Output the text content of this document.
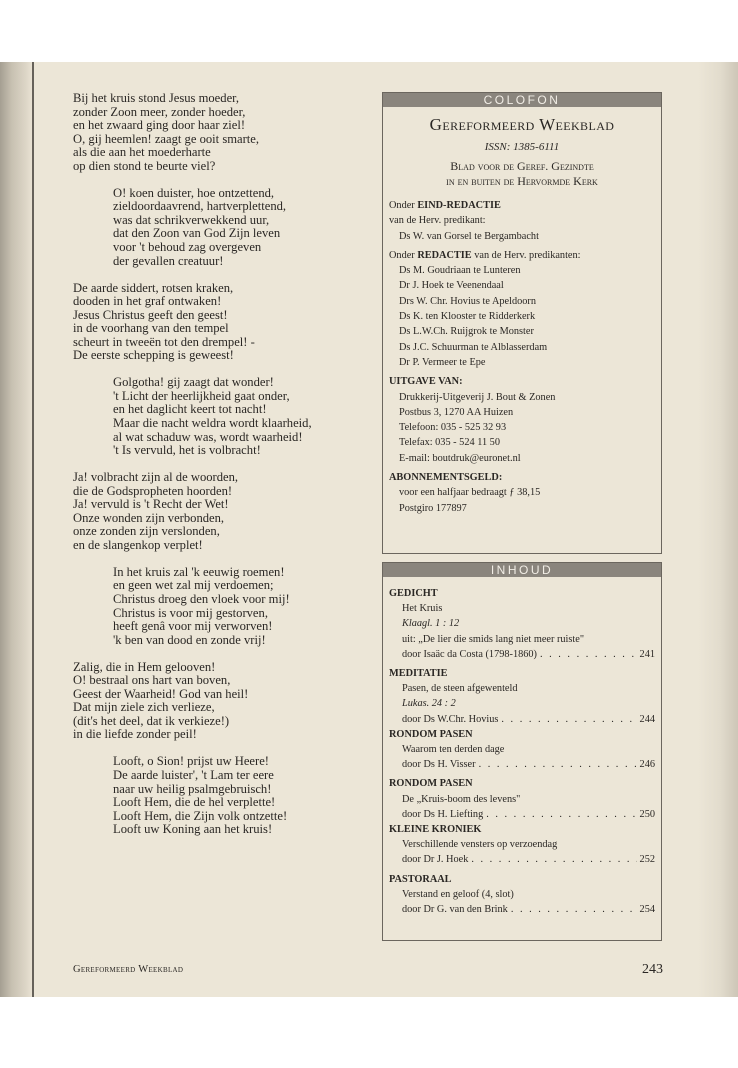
Bij het kruis stond Jesus moeder,
zonder Zoon meer, zonder hoeder,
en het zwaard ging door haar ziel!
O, gij heemlen! zaagt ge ooit smarte,
als die aan het moederharte
op dien stond te beurte viel?
O! koen duister, hoe ontzettend,
zieldoordaavrend, hartverplettend,
was dat schrikverwekkend uur,
dat den Zoon van God Zijn leven
voor 't behoud zag overgeven
der gevallen creatuur!
De aarde siddert, rotsen kraken,
dooden in het graf ontwaken!
Jesus Christus geeft den geest!
in de voorhang van den tempel
scheurt in tweeën tot den drempel! -
De eerste schepping is geweest!
Golgotha! gij zaagt dat wonder!
't Licht der heerlijkheid gaat onder,
en het daglicht keert tot nacht!
Maar die nacht weldra wordt klaarheid,
al wat schaduw was, wordt waarheid!
't Is vervuld, het is volbracht!
Ja! volbracht zijn al de woorden,
die de Godspropheten hoorden!
Ja! vervuld is 't Recht der Wet!
Onze wonden zijn verbonden,
onze zonden zijn verslonden,
en de slangenkop verplet!
In het kruis zal 'k eeuwig roemen!
en geen wet zal mij verdoemen;
Christus droeg den vloek voor mij!
Christus is voor mij gestorven,
heeft genâ voor mij verworven!
'k ben van dood en zonde vrij!
Zalig, die in Hem gelooven!
O! bestraal ons hart van boven,
Geest der Waarheid! God van heil!
Dat mijn ziele zich verlieze,
(dit's het deel, dat ik verkieze!)
in die liefde zonder peil!
Looft, o Sion! prijst uw Heere!
De aarde luister', 't Lam ter eere
naar uw heilig psalmgebruisch!
Looft Hem, die de hel verplette!
Looft Hem, die Zijn volk ontzette!
Looft uw Koning aan het kruis!
COLOFON
Gereformeerd Weekblad
ISSN: 1385-6111
Blad voor de Geref. Gezindte
in en buiten de Hervormde Kerk
Onder EIND-REDACTIE
van de Herv. predikant:
Ds W. van Gorsel te Bergambacht
Onder REDACTIE van de Herv. predikanten:
Ds M. Goudriaan te Lunteren
Dr J. Hoek te Veenendaal
Drs W. Chr. Hovius te Apeldoorn
Ds K. ten Klooster te Ridderkerk
Ds L.W.Ch. Ruijgrok te Monster
Ds J.C. Schuurman te Alblasserdam
Dr P. Vermeer te Epe
UITGAVE VAN:
Drukkerij-Uitgeverij J. Bout & Zonen
Postbus 3, 1270 AA Huizen
Telefoon: 035 - 525 32 93
Telefax: 035 - 524 11 50
E-mail: boutdruk@euronet.nl
ABONNEMENTSGELD:
voor een halfjaar bedraagt ƒ 38,15
Postgiro 177897
INHOUD
GEDICHT
Het Kruis
Klaagl. 1 : 12
uit: „De lier die smids lang niet meer ruiste"
door Isaäc da Costa (1798-1860) . . .	241
MEDITATIE
Pasen, de steen afgewenteld
Lukas. 24 : 2
door Ds W.Chr. Hovius . . .	244
RONDOM PASEN
Waarom ten derden dage
door Ds H. Visser . . .	246
RONDOM PASEN
De „Kruis-boom des levens"
door Ds H. Liefting . . .	250
KLEINE KRONIEK
Verschillende vensters op verzoendag
door Dr J. Hoek . . .	252
PASTORAAL
Verstand en geloof (4, slot)
door Dr G. van den Brink . . .	254
Gereformeerd Weekblad	243
